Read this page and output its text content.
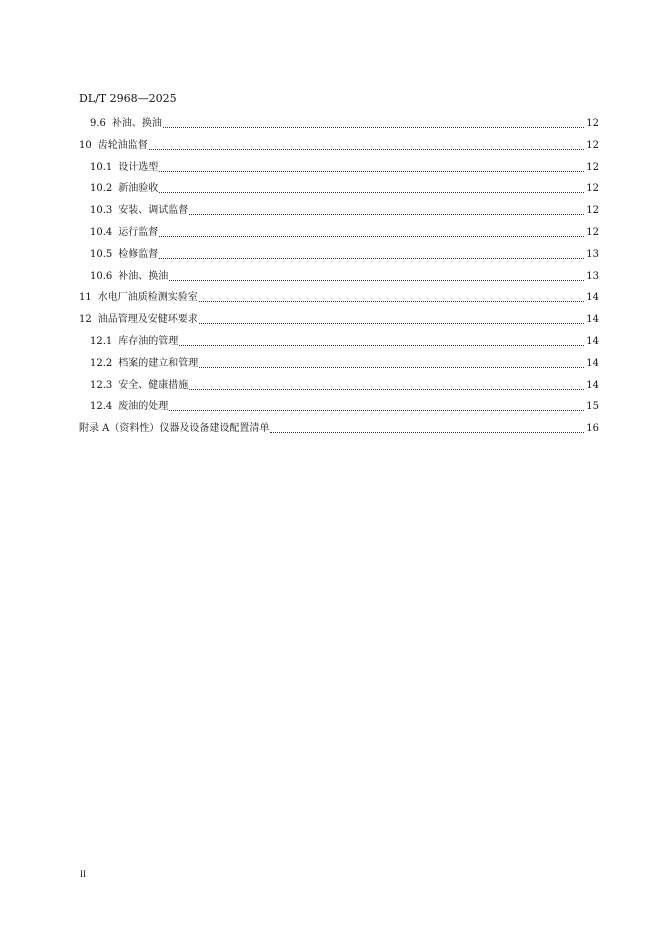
DL/T 2968—2025
9.6 补油、换油	12
10 齿轮油监督	12
10.1 设计选型	12
10.2 新油验收	12
10.3 安装、调试监督	12
10.4 运行监督	12
10.5 检修监督	13
10.6 补油、换油	13
11 水电厂油质检测实验室	14
12 油品管理及安健环要求	14
12.1 库存油的管理	14
12.2 档案的建立和管理	14
12.3 安全、健康措施	14
12.4 废油的处理	15
附录 A （资料性）仪器及设备建设配置清单	16
II
